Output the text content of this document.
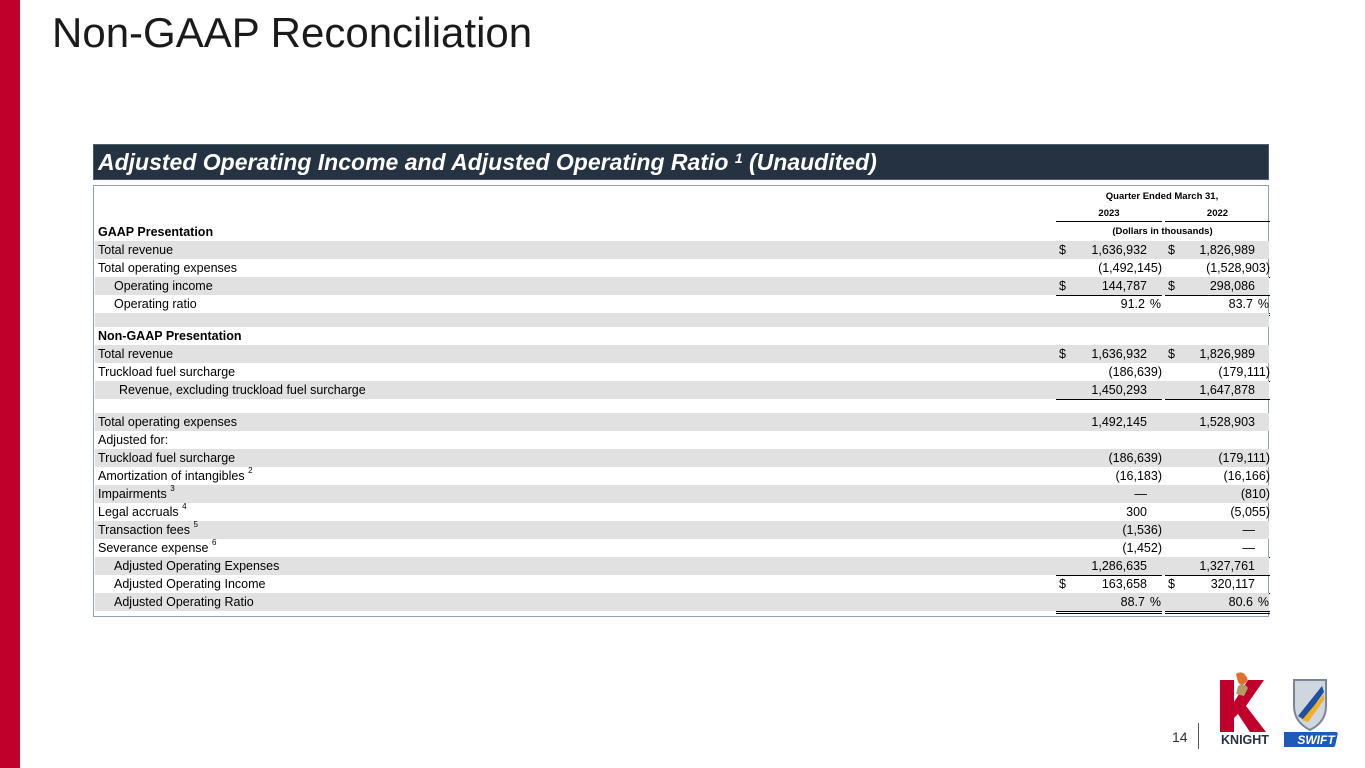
Non-GAAP Reconciliation
Adjusted Operating Income and Adjusted Operating Ratio $^1$ (Unaudited)
Quarter Ended March 31,
2023	2022
GAAP Presentation	(Dollars in thousands)
Total revenue	$ 1,636,932 $ 1,826,989
Total operating expenses	(1,492,145)	(1,528,903)
Operating income	$	144,787 $	298,086
Operating ratio	91.2 %	83.7 %
Non-GAAP Presentation
Total revenue	$ 1,636,932 $ 1,826,989
Truckload fuel surcharge	(186,639)	(179,111)
Revenue, excluding truckload fuel surcharge	1,450,293	1,647,878
Total operating expenses	1,492,145	1,528,903
Adjusted for:
Truckload fuel surcharge	(186,639)	(179,111)
Amortization of intangibles $^2$	(16,183)	(16,166)
Impairments $^3$	—	(810)
Legal accruals $^4$	300	(5,055)
Transaction fees $^5$	(1,536)	—
Severance expense $^6$	(1,452)	—
Adjusted Operating Expenses	1,286,635	1,327,761
Adjusted Operating Income	$	163,658 $	320,117
Adjusted Operating Ratio	88.7 %	80.6 %
14	KNIGHT SWIFT
